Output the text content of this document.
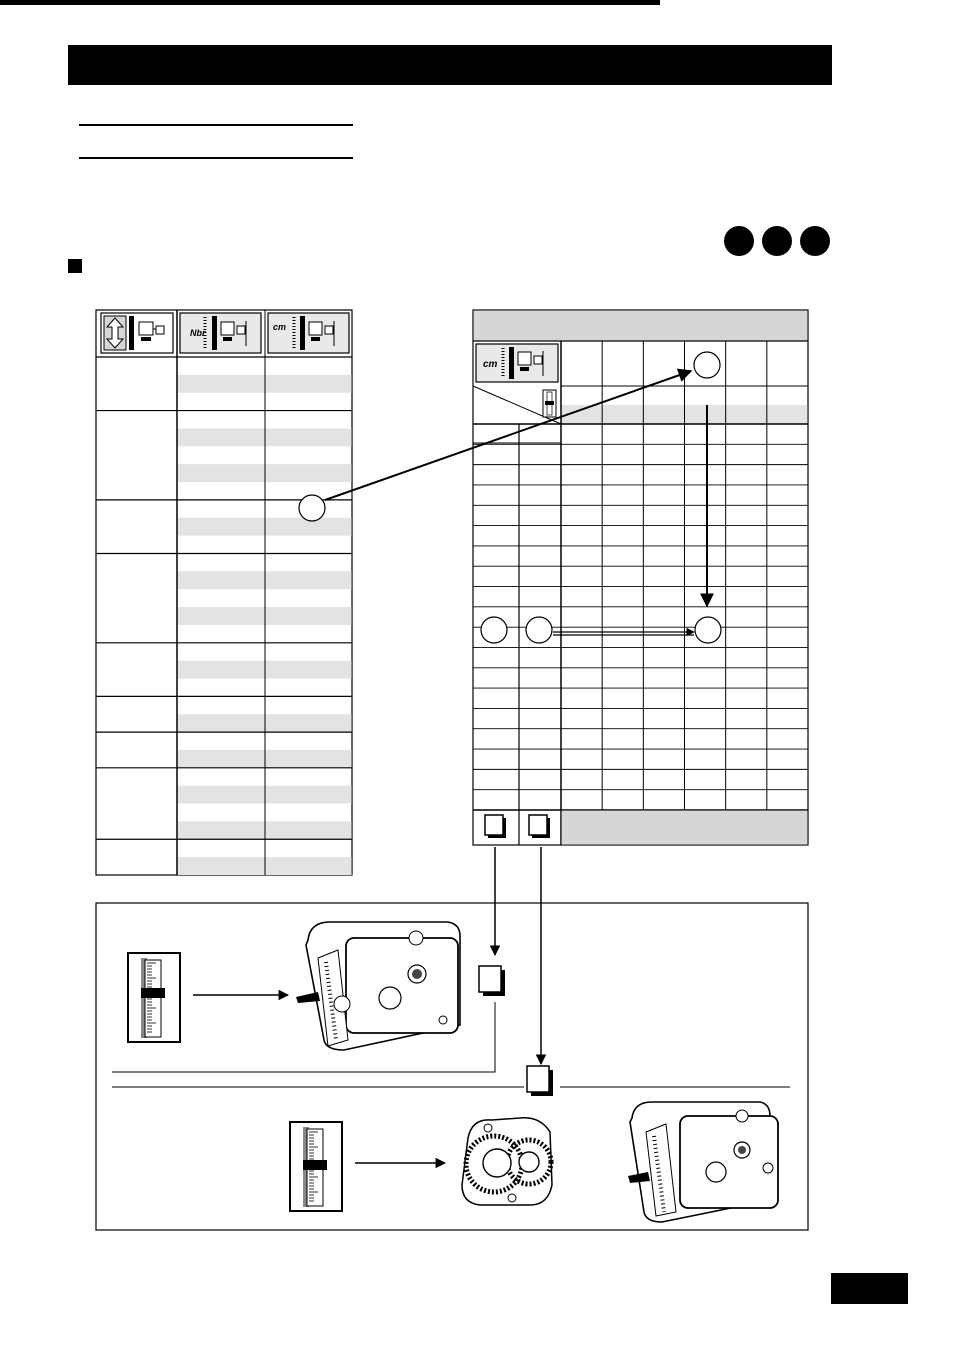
Nbr
cm
cm
